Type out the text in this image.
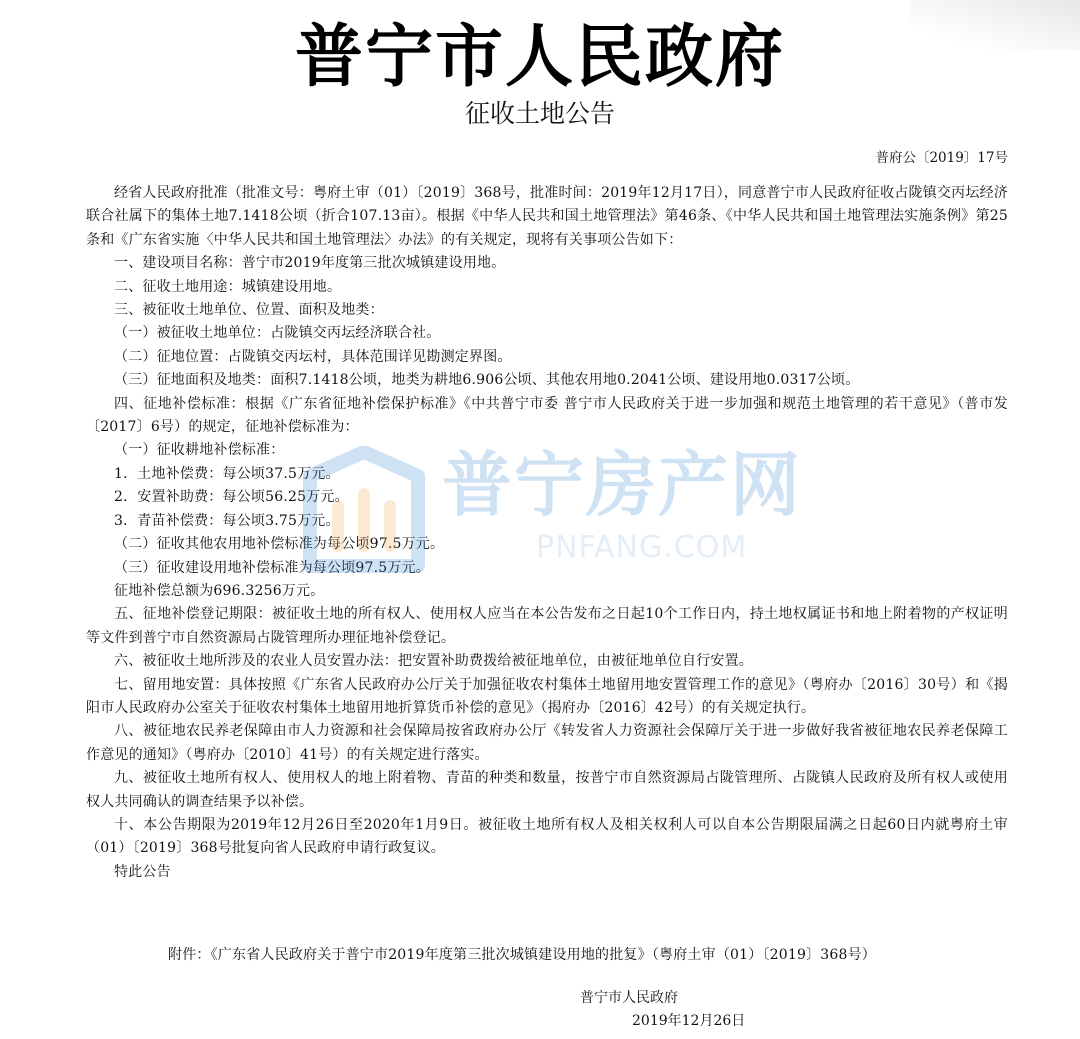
普宁市人民政府
征收土地公告
普府公〔2019〕17号

经省人民政府批准（批准文号：粤府土审（01）〔2019〕368号，批准时间：2019年12月17日），同意普宁市人民政府征收占陇镇交丙坛经济联合社属下的集体土地7.1418公顷（折合107.13亩）。根据《中华人民共和国土地管理法》第46条、《中华人民共和国土地管理法实施条例》第25条和《广东省实施〈中华人民共和国土地管理法〉办法》的有关规定，现将有关事项公告如下：

一、建设项目名称：普宁市2019年度第三批次城镇建设用地。

二、征收土地用途：城镇建设用地。

三、被征收土地单位、位置、面积及地类：

（一）被征收土地单位：占陇镇交丙坛经济联合社。

（二）征地位置：占陇镇交丙坛村，具体范围详见勘测定界图。

（三）征地面积及地类：面积7.1418公顷，地类为耕地6.906公顷、其他农用地0.2041公顷、建设用地0.0317公顷。

四、征地补偿标准：根据《广东省征地补偿保护标准》《中共普宁市委 普宁市人民政府关于进一步加强和规范土地管理的若干意见》（普市发〔2017〕6号）的规定，征地补偿标准为：

（一）征收耕地补偿标准：

1．土地补偿费：每公顷37.5万元。

2．安置补助费：每公顷56.25万元。

3．青苗补偿费：每公顷3.75万元。

（二）征收其他农用地补偿标准为每公顷97.5万元。

（三）征收建设用地补偿标准为每公顷97.5万元。

征地补偿总额为696.3256万元。

五、征地补偿登记期限：被征收土地的所有权人、使用权人应当在本公告发布之日起10个工作日内，持土地权属证书和地上附着物的产权证明等文件到普宁市自然资源局占陇管理所办理征地补偿登记。

六、被征收土地所涉及的农业人员安置办法：把安置补助费拨给被征地单位，由被征地单位自行安置。

七、留用地安置：具体按照《广东省人民政府办公厅关于加强征收农村集体土地留用地安置管理工作的意见》（粤府办〔2016〕30号）和《揭阳市人民政府办公室关于征收农村集体土地留用地折算货币补偿的意见》（揭府办〔2016〕42号）的有关规定执行。

八、被征地农民养老保障由市人力资源和社会保障局按省政府办公厅《转发省人力资源社会保障厅关于进一步做好我省被征地农民养老保障工作意见的通知》（粤府办〔2010〕41号）的有关规定进行落实。

九、被征收土地所有权人、使用权人的地上附着物、青苗的种类和数量，按普宁市自然资源局占陇管理所、占陇镇人民政府及所有权人或使用权人共同确认的调查结果予以补偿。

十、本公告期限为2019年12月26日至2020年1月9日。被征收土地所有权人及相关权利人可以自本公告期限届满之日起60日内就粤府土审（01）〔2019〕368号批复向省人民政府申请行政复议。

特此公告

附件：《广东省人民政府关于普宁市2019年度第三批次城镇建设用地的批复》（粤府土审（01）〔2019〕368号）
普宁市人民政府
2019年12月26日
普宁房产网
PNFANG.COM
